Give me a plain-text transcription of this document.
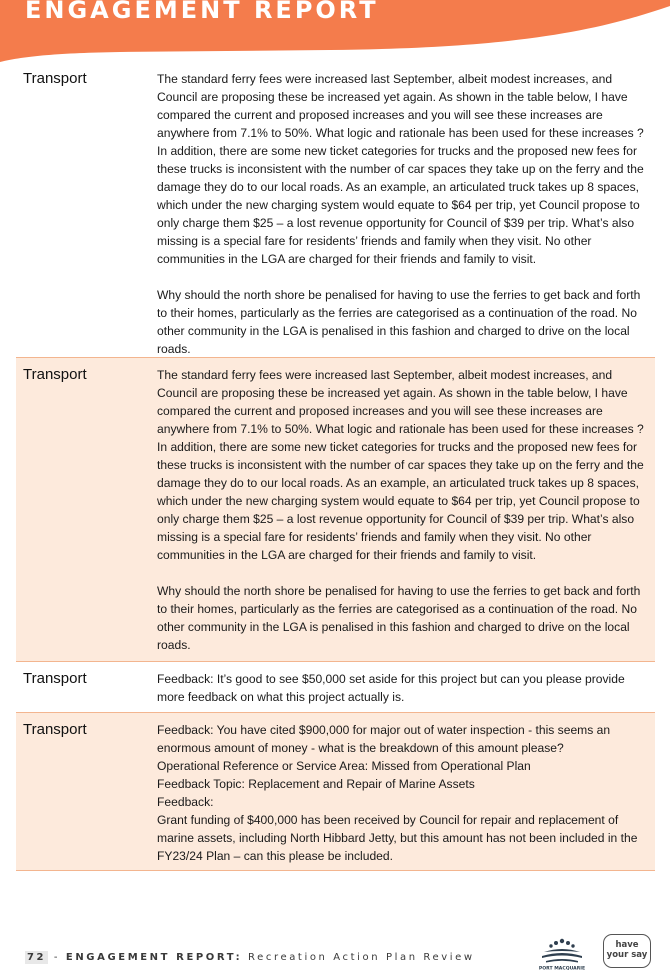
ENGAGEMENT REPORT
Transport	The standard ferry fees were increased last September, albeit modest increases, and Council are proposing these be increased yet again. As shown in the table below, I have compared the current and proposed increases and you will see these increases are anywhere from 7.1% to 50%. What logic and rationale has been used for these increases ? In addition, there are some new ticket categories for trucks and the proposed new fees for these trucks is inconsistent with the number of car spaces they take up on the ferry and the damage they do to our local roads. As an example, an articulated truck takes up 8 spaces, which under the new charging system would equate to $64 per trip, yet Council propose to only charge them $25 – a lost revenue opportunity for Council of $39 per trip. What’s also missing is a special fare for residents’ friends and family when they visit. No other communities in the LGA are charged for their friends and family to visit.

Why should the north shore be penalised for having to use the ferries to get back and forth to their homes, particularly as the ferries are categorised as a continuation of the road. No other community in the LGA is penalised in this fashion and charged to drive on the local roads.

Transport	The standard ferry fees were increased last September, albeit modest increases, and Council are proposing these be increased yet again. As shown in the table below, I have compared the current and proposed increases and you will see these increases are anywhere from 7.1% to 50%. What logic and rationale has been used for these increases ? In addition, there are some new ticket categories for trucks and the proposed new fees for these trucks is inconsistent with the number of car spaces they take up on the ferry and the damage they do to our local roads. As an example, an articulated truck takes up 8 spaces, which under the new charging system would equate to $64 per trip, yet Council propose to only charge them $25 – a lost revenue opportunity for Council of $39 per trip. What’s also missing is a special fare for residents’ friends and family when they visit. No other communities in the LGA are charged for their friends and family to visit.

Why should the north shore be penalised for having to use the ferries to get back and forth to their homes, particularly as the ferries are categorised as a continuation of the road. No other community in the LGA is penalised in this fashion and charged to drive on the local roads.

Transport	Feedback: It’s good to see $50,000 set aside for this project but can you please provide more feedback on what this project actually is.

Transport	Feedback: You have cited $900,000 for major out of water inspection - this seems an enormous amount of money - what is the breakdown of this amount please?

Operational Reference or Service Area: Missed from Operational Plan

Feedback Topic: Replacement and Repair of Marine Assets

Feedback:

Grant funding of $400,000 has been received by Council for repair and replacement of marine assets, including North Hibbard Jetty, but this amount has not been included in the FY23/24 Plan – can this please be included.

72 - ENGAGEMENT REPORT: Recreation Action Plan Review
PORT MACQUARIE
have
your say
